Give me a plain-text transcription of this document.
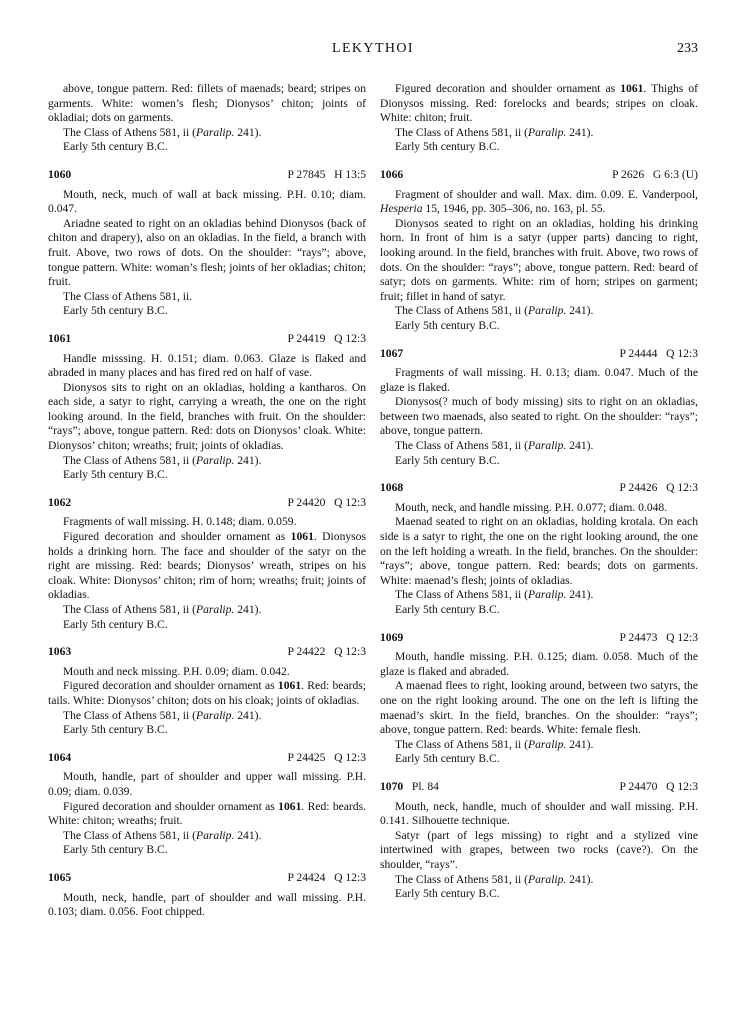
LEKYTHOI	233

above, tongue pattern. Red: fillets of maenads; beard; stripes on garments. White: women’s flesh; Dionysos’ chiton; joints of okladiai; dots on garments.

The Class of Athens 581, ii (Paralip. 241).

Early 5th century B.C.

1060	P 27845   H 13:5

Mouth, neck, much of wall at back missing. P.H. 0.10; diam. 0.047.

Ariadne seated to right on an okladias behind Dionysos (back of chiton and drapery), also on an okladias. In the field, a branch with fruit. Above, two rows of dots. On the shoulder: “rays”; above, tongue pattern. White: woman’s flesh; joints of her okladias; chiton; fruit.

The Class of Athens 581, ii.

Early 5th century B.C.

1061	P 24419   Q 12:3

Handle misssing. H. 0.151; diam. 0.063. Glaze is flaked and abraded in many places and has fired red on half of vase.

Dionysos sits to right on an okladias, holding a kantharos. On each side, a satyr to right, carrying a wreath, the one on the right looking around. In the field, branches with fruit. On the shoulder: “rays”; above, tongue pattern. Red: dots on Dionysos’ cloak. White: Dionysos’ chiton; wreaths; fruit; joints of okladias.

The Class of Athens 581, ii (Paralip. 241).

Early 5th century B.C.

1062	P 24420   Q 12:3

Fragments of wall missing. H. 0.148; diam. 0.059.

Figured decoration and shoulder ornament as 1061. Dionysos holds a drinking horn. The face and shoulder of the satyr on the right are missing. Red: beards; Dionysos’ wreath, stripes on his cloak. White: Dionysos’ chiton; rim of horn; wreaths; fruit; joints of okladias.

The Class of Athens 581, ii (Paralip. 241).

Early 5th century B.C.

1063	P 24422   Q 12:3

Mouth and neck missing. P.H. 0.09; diam. 0.042.

Figured decoration and shoulder ornament as 1061. Red: beards; tails. White: Dionysos’ chiton; dots on his cloak; joints of okladias.

The Class of Athens 581, ii (Paralip. 241).

Early 5th century B.C.

1064	P 24425   Q 12:3

Mouth, handle, part of shoulder and upper wall missing. P.H. 0.09; diam. 0.039.

Figured decoration and shoulder ornament as 1061. Red: beards. White: chiton; wreaths; fruit.

The Class of Athens 581, ii (Paralip. 241).

Early 5th century B.C.

1065	P 24424   Q 12:3

Mouth, neck, handle, part of shoulder and wall missing. P.H. 0.103; diam. 0.056. Foot chipped.

Figured decoration and shoulder ornament as 1061. Thighs of Dionysos missing. Red: forelocks and beards; stripes on cloak. White: chiton; fruit.

The Class of Athens 581, ii (Paralip. 241).

Early 5th century B.C.

1066	P 2626   G 6:3 (U)

Fragment of shoulder and wall. Max. dim. 0.09. E. Vanderpool, Hesperia 15, 1946, pp. 305–306, no. 163, pl. 55.

Dionysos seated to right on an okladias, holding his drinking horn. In front of him is a satyr (upper parts) dancing to right, looking around. In the field, branches with fruit. Above, two rows of dots. On the shoulder: “rays”; above, tongue pattern. Red: beard of satyr; dots on garments. White: rim of horn; stripes on garment; fruit; fillet in hand of satyr.

The Class of Athens 581, ii (Paralip. 241).

Early 5th century B.C.

1067	P 24444   Q 12:3

Fragments of wall missing. H. 0.13; diam. 0.047. Much of the glaze is flaked.

Dionysos(? much of body missing) sits to right on an okladias, between two maenads, also seated to right. On the shoulder: “rays”; above, tongue pattern.

The Class of Athens 581, ii (Paralip. 241).

Early 5th century B.C.

1068	P 24426   Q 12:3

Mouth, neck, and handle missing. P.H. 0.077; diam. 0.048.

Maenad seated to right on an okladias, holding krotala. On each side is a satyr to right, the one on the right looking around, the one on the left holding a wreath. In the field, branches. On the shoulder: “rays”; above, tongue pattern. Red: beards; dots on garments. White: maenad’s flesh; joints of okladias.

The Class of Athens 581, ii (Paralip. 241).

Early 5th century B.C.

1069	P 24473   Q 12:3

Mouth, handle missing. P.H. 0.125; diam. 0.058. Much of the glaze is flaked and abraded.

A maenad flees to right, looking around, between two satyrs, the one on the right looking around. The one on the left is lifting the maenad’s skirt. In the field, branches. On the shoulder: “rays”; above, tongue pattern. Red: beards. White: female flesh.

The Class of Athens 581, ii (Paralip. 241).

Early 5th century B.C.

1070 Pl. 84	P 24470   Q 12:3

Mouth, neck, handle, much of shoulder and wall missing. P.H. 0.141. Silhouette technique.

Satyr (part of legs missing) to right and a stylized vine intertwined with grapes, between two rocks (cave?). On the shoulder, “rays”.

The Class of Athens 581, ii (Paralip. 241).

Early 5th century B.C.
